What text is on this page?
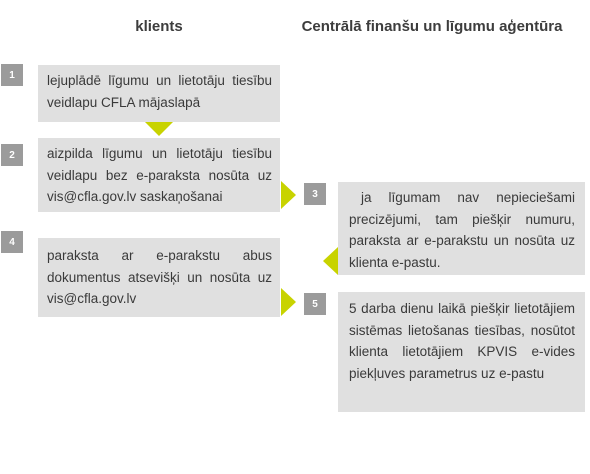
klients	Centrālā finanšu un līgumu aģentūra
1	lejuplādē līgumu un lietotāju tiesību veidlapu CFLA mājaslapā
2	aizpilda līgumu un lietotāju tiesību veidlapu bez e-paraksta nosūta uz vis@cfla.gov.lv saskaņošanai	3	ja līgumam nav nepieciešami precizējumi, tam piešķir numuru, paraksta ar e-parakstu un nosūta uz klienta e-pastu.
4
paraksta ar e-parakstu abus dokumentus atsevišķi un nosūta uz vis@cfla.gov.lv	5	5 darba dienu laikā piešķir lietotājiem sistēmas lietošanas tiesības, nosūtot klienta lietotājiem KPVIS e-vides piekļuves parametrus uz e-pastu
